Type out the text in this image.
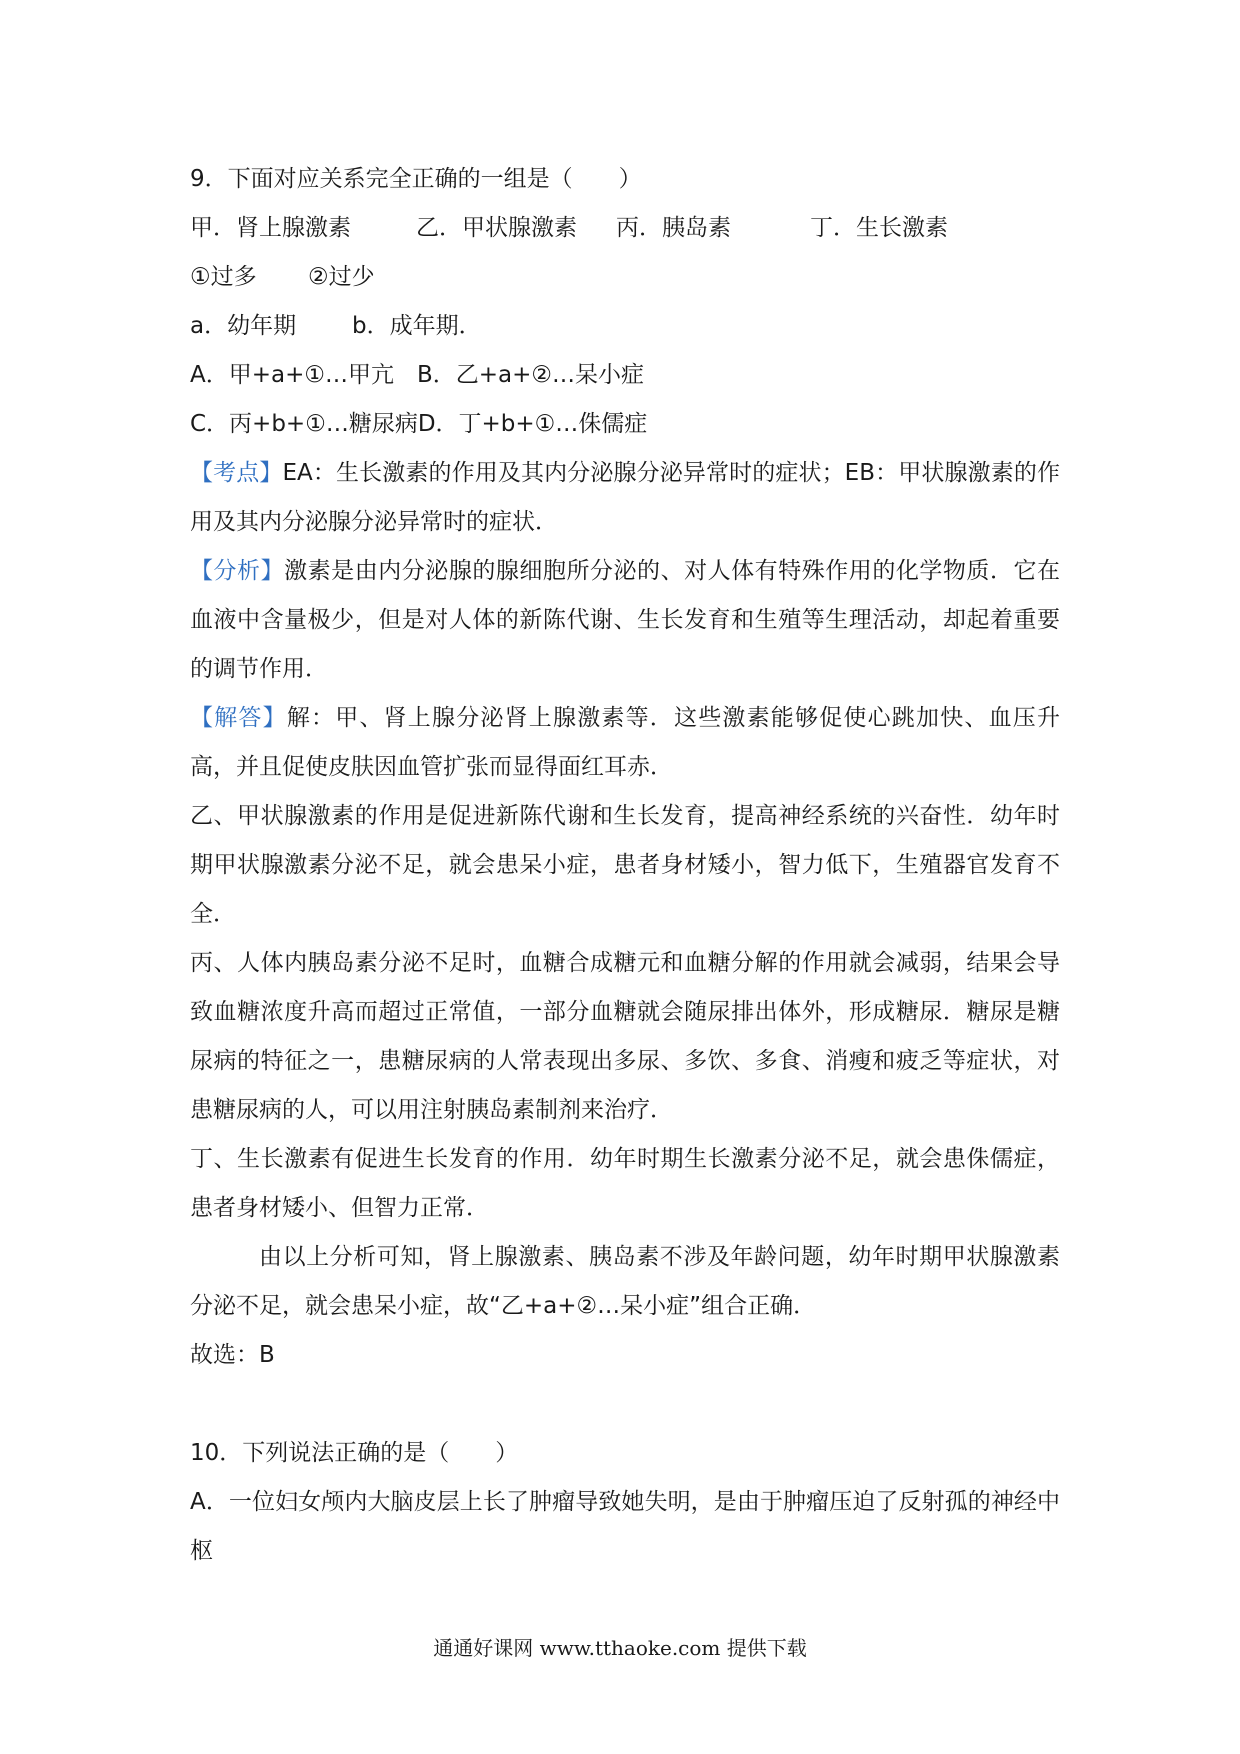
9．下面对应关系完全正确的一组是（　　）
甲．肾上腺激素	乙．甲状腺激素 丙．胰岛素	丁．生长激素
①过多 ②过少
a．幼年期 b．成年期．
A．甲+a+①…甲亢　B．乙+a+②…呆小症
C．丙+b+①…糖尿病D．丁+b+①…侏儒症
【考点】EA：生长激素的作用及其内分泌腺分泌异常时的症状；EB：甲状腺激素的作用及其内分泌腺分泌异常时的症状．
【分析】激素是由内分泌腺的腺细胞所分泌的、对人体有特殊作用的化学物质．它在血液中含量极少，但是对人体的新陈代谢、生长发育和生殖等生理活动，却起着重要的调节作用．
【解答】解：甲、肾上腺分泌肾上腺激素等．这些激素能够促使心跳加快、血压升高，并且促使皮肤因血管扩张而显得面红耳赤．
乙、甲状腺激素的作用是促进新陈代谢和生长发育，提高神经系统的兴奋性．幼年时期甲状腺激素分泌不足，就会患呆小症，患者身材矮小，智力低下，生殖器官发育不全．
丙、人体内胰岛素分泌不足时，血糖合成糖元和血糖分解的作用就会减弱，结果会导致血糖浓度升高而超过正常值，一部分血糖就会随尿排出体外，形成糖尿．糖尿是糖尿病的特征之一，患糖尿病的人常表现出多尿、多饮、多食、消瘦和疲乏等症状，对患糖尿病的人，可以用注射胰岛素制剂来治疗．
丁、生长激素有促进生长发育的作用．幼年时期生长激素分泌不足，就会患侏儒症，患者身材矮小、但智力正常．
由以上分析可知，肾上腺激素、胰岛素不涉及年龄问题，幼年时期甲状腺激素分泌不足，就会患呆小症，故“乙+a+②…呆小症”组合正确．
故选：B
10．下列说法正确的是（　　）
A．一位妇女颅内大脑皮层上长了肿瘤导致她失明，是由于肿瘤压迫了反射孤的神经中枢
通通好课网 www.tthaoke.com 提供下载
